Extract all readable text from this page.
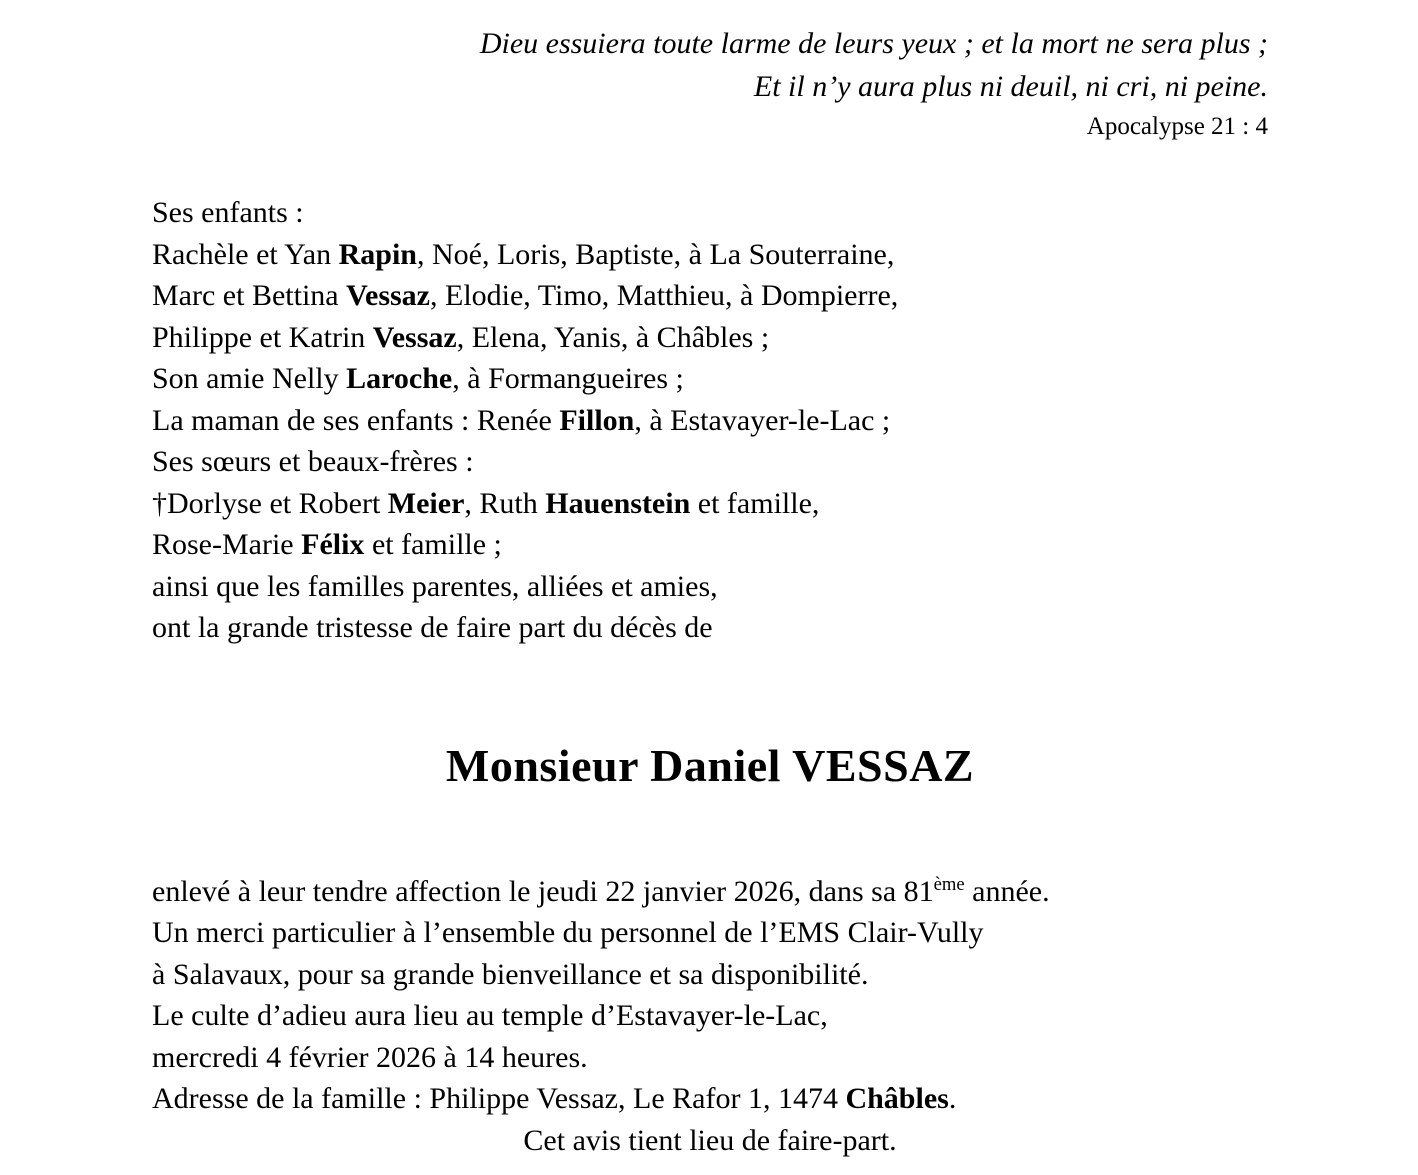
Dieu essuiera toute larme de leurs yeux ; et la mort ne sera plus ;
Et il n’y aura plus ni deuil, ni cri, ni peine.
Apocalypse 21 : 4
Ses enfants :
Rachèle et Yan Rapin, Noé, Loris, Baptiste, à La Souterraine,
Marc et Bettina Vessaz, Elodie, Timo, Matthieu, à Dompierre,
Philippe et Katrin Vessaz, Elena, Yanis, à Châbles ;
Son amie Nelly Laroche, à Formangueires ;
La maman de ses enfants : Renée Fillon, à Estavayer-le-Lac ;
Ses sœurs et beaux-frères :
†Dorlyse et Robert Meier, Ruth Hauenstein et famille,
Rose-Marie Félix et famille ;
ainsi que les familles parentes, alliées et amies,
ont la grande tristesse de faire part du décès de
Monsieur Daniel VESSAZ
enlevé à leur tendre affection le jeudi 22 janvier 2026, dans sa 81ème année.
Un merci particulier à l’ensemble du personnel de l’EMS Clair-Vully
à Salavaux, pour sa grande bienveillance et sa disponibilité.
Le culte d’adieu aura lieu au temple d’Estavayer-le-Lac,
mercredi 4 février 2026 à 14 heures.
Adresse de la famille : Philippe Vessaz, Le Rafor 1, 1474 Châbles.
Cet avis tient lieu de faire-part.
